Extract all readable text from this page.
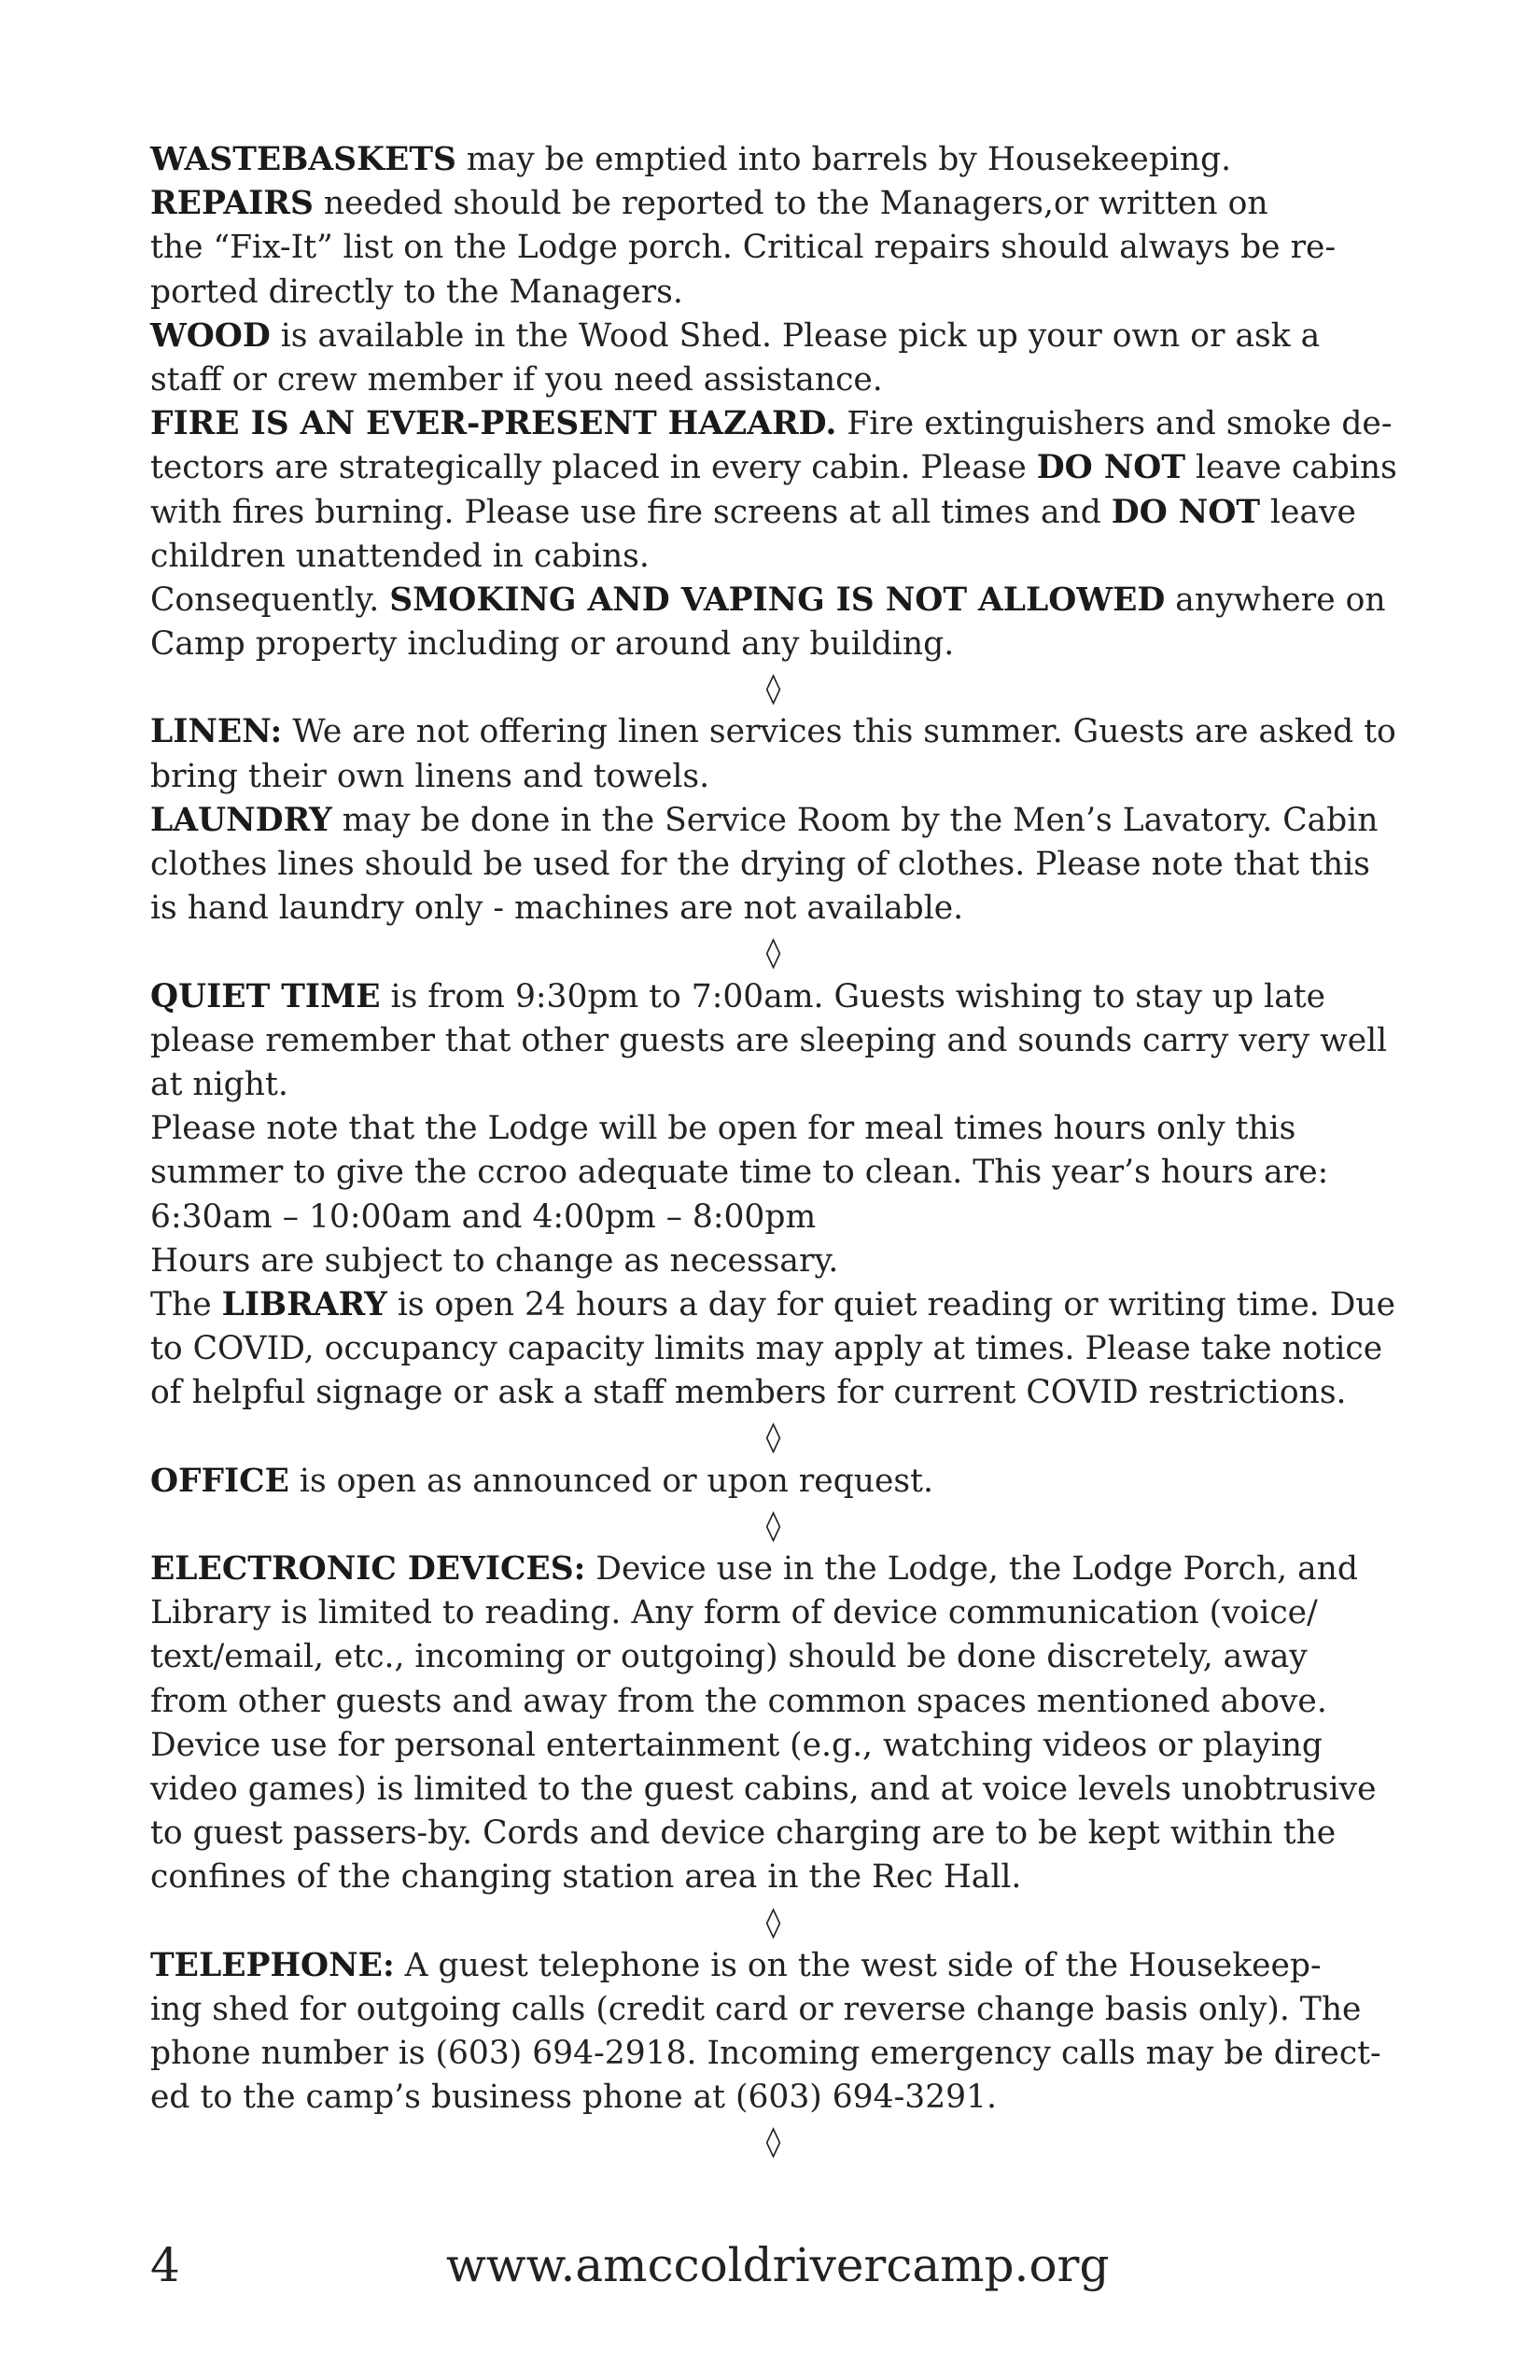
WASTEBASKETS may be emptied into barrels by Housekeeping.
REPAIRS needed should be reported to the Managers,or written on
the “Fix-It” list on the Lodge porch. Critical repairs should always be re-
ported directly to the Managers.
WOOD is available in the Wood Shed. Please pick up your own or ask a
staff or crew member if you need assistance.
FIRE IS AN EVER-PRESENT HAZARD. Fire extinguishers and smoke de-
tectors are strategically placed in every cabin. Please DO NOT leave cabins
with fires burning. Please use fire screens at all times and DO NOT leave
children unattended in cabins.
Consequently. SMOKING AND VAPING IS NOT ALLOWED anywhere on
Camp property including or around any building.
◊
LINEN: We are not offering linen services this summer. Guests are asked to
bring their own linens and towels.
LAUNDRY may be done in the Service Room by the Men’s Lavatory. Cabin
clothes lines should be used for the drying of clothes. Please note that this
is hand laundry only - machines are not available.
◊
QUIET TIME is from 9:30pm to 7:00am. Guests wishing to stay up late
please remember that other guests are sleeping and sounds carry very well
at night.
Please note that the Lodge will be open for meal times hours only this
summer to give the ccroo adequate time to clean. This year’s hours are:
6:30am – 10:00am and 4:00pm – 8:00pm
Hours are subject to change as necessary.
The LIBRARY is open 24 hours a day for quiet reading or writing time. Due
to COVID, occupancy capacity limits may apply at times. Please take notice
of helpful signage or ask a staff members for current COVID restrictions.
◊
OFFICE is open as announced or upon request.
◊
ELECTRONIC DEVICES: Device use in the Lodge, the Lodge Porch, and
Library is limited to reading. Any form of device communication (voice/
text/email, etc., incoming or outgoing) should be done discretely, away
from other guests and away from the common spaces mentioned above.
Device use for personal entertainment (e.g., watching videos or playing
video games) is limited to the guest cabins, and at voice levels unobtrusive
to guest passers-by. Cords and device charging are to be kept within the
confines of the changing station area in the Rec Hall.
◊
TELEPHONE: A guest telephone is on the west side of the Housekeep-
ing shed for outgoing calls (credit card or reverse change basis only). The
phone number is (603) 694-2918. Incoming emergency calls may be direct-
ed to the camp’s business phone at (603) 694-3291.
◊
4	www.amccoldrivercamp.org
